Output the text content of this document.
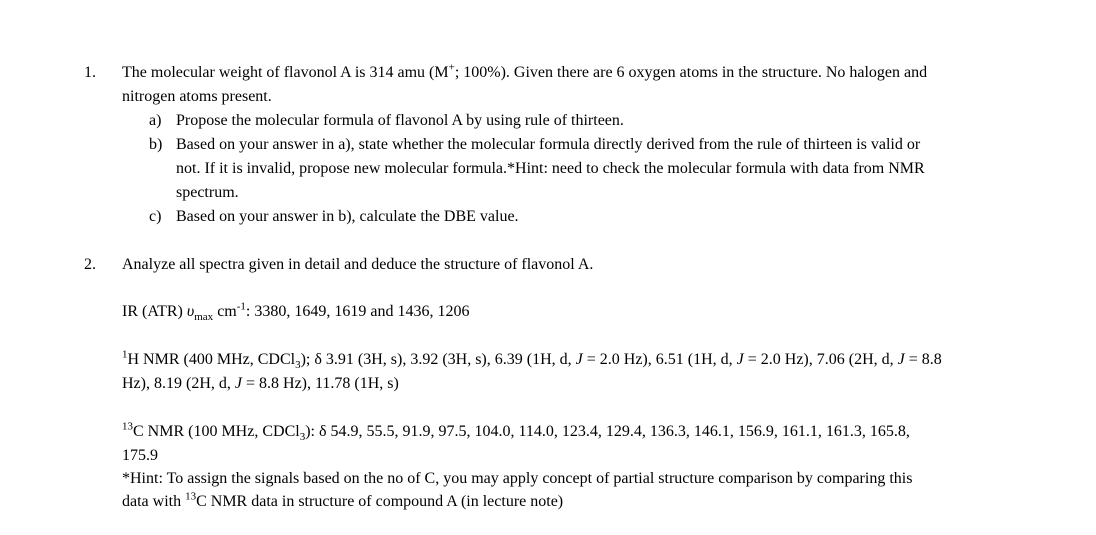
1. The molecular weight of flavonol A is 314 amu (M+; 100%). Given there are 6 oxygen atoms in the structure. No halogen and
nitrogen atoms present.
a) Propose the molecular formula of flavonol A by using rule of thirteen.
b) Based on your answer in a), state whether the molecular formula directly derived from the rule of thirteen is valid or
not. If it is invalid, propose new molecular formula.*Hint: need to check the molecular formula with data from NMR
spectrum.
c) Based on your answer in b), calculate the DBE value.
2. Analyze all spectra given in detail and deduce the structure of flavonol A.
IR (ATR) $\upsilon_{max}$ $cm^{-1}$: 3380, 1649, 1619 and 1436, 1206
$^1$H NMR (400 MHz, CDCl$_3$); δ 3.91 (3H, s), 3.92 (3H, s), 6.39 (1H, d, J = 2.0 Hz), 6.51 (1H, d, J = 2.0 Hz), 7.06 (2H, d, J = 8.8
Hz), 8.19 (2H, d, J = 8.8 Hz), 11.78 (1H, s)
$^{13}$C NMR (100 MHz, CDCl$_3$): δ 54.9, 55.5, 91.9, 97.5, 104.0, 114.0, 123.4, 129.4, 136.3, 146.1, 156.9, 161.1, 161.3, 165.8,
175.9
*Hint: To assign the signals based on the no of C, you may apply concept of partial structure comparison by comparing this
data with $^{13}$C NMR data in structure of compound A (in lecture note)
